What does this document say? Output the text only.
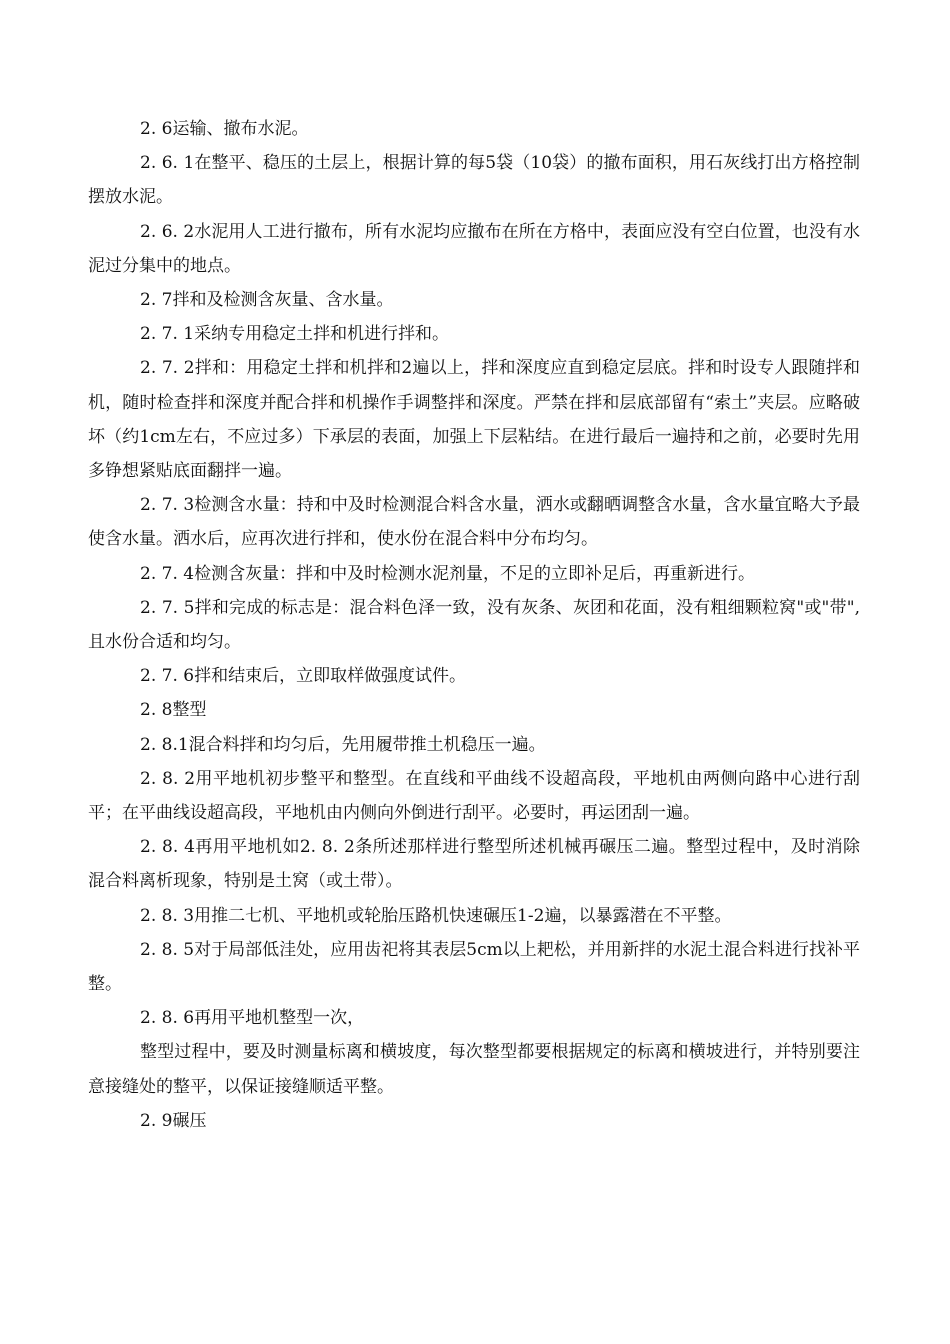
2. 6运输、撤布水泥。

2. 6. 1在整平、稳压的土层上，根据计算的每5袋（10袋）的撤布面积，用石灰线打出方格控制摆放水泥。

2. 6. 2水泥用人工进行撤布，所有水泥均应撤布在所在方格中，表面应没有空白位置，也没有水泥过分集中的地点。

2. 7拌和及检测含灰量、含水量。

2. 7. 1采纳专用稳定土拌和机进行拌和。

2. 7. 2拌和：用稳定土拌和机拌和2遍以上，拌和深度应直到稳定层底。拌和时设专人跟随拌和机，随时检查拌和深度并配合拌和机操作手调整拌和深度。严禁在拌和层底部留有“索土”夹层。应略破坏（约1cm左右，不应过多）下承层的表面，加强上下层粘结。在进行最后一遍持和之前，必要时先用多铮想紧贴底面翻拌一遍。

2. 7. 3检测含水量：持和中及时检测混合料含水量，洒水或翻晒调整含水量，含水量宜略大予最使含水量。洒水后，应再次进行拌和，使水份在混合料中分布均匀。

2. 7. 4检测含灰量：拌和中及时检测水泥剂量，不足的立即补足后，再重新进行。

2. 7. 5拌和完成的标志是：混合料色泽一致，没有灰条、灰团和花面，没有粗细颗粒窝"或"带",且水份合适和均匀。

2. 7. 6拌和结束后，立即取样做强度试件。

2. 8整型

2. 8.1混合料拌和均匀后，先用履带推土机稳压一遍。

2. 8. 2用平地机初步整平和整型。在直线和平曲线不设超高段，平地机由两侧向路中心进行刮平；在平曲线设超高段，平地机由内侧向外倒进行刮平。必要时，再运团刮一遍。

2. 8. 4再用平地机如2. 8. 2条所述那样进行整型所述机械再碾压二遍。整型过程中，及时消除混合料离析现象，特别是土窝（或土带）。

2. 8. 3用推二七机、平地机或轮胎压路机快速碾压1-2遍，以暴露潜在不平整。

2. 8. 5对于局部低洼处，应用齿祀将其表层5cm以上耙松，并用新拌的水泥土混合料进行找补平整。

2. 8. 6再用平地机整型一次，

整型过程中，要及时测量标离和横坡度，每次整型都要根据规定的标离和横坡进行，并特别要注意接缝处的整平，以保证接缝顺适平整。

2. 9碾压
